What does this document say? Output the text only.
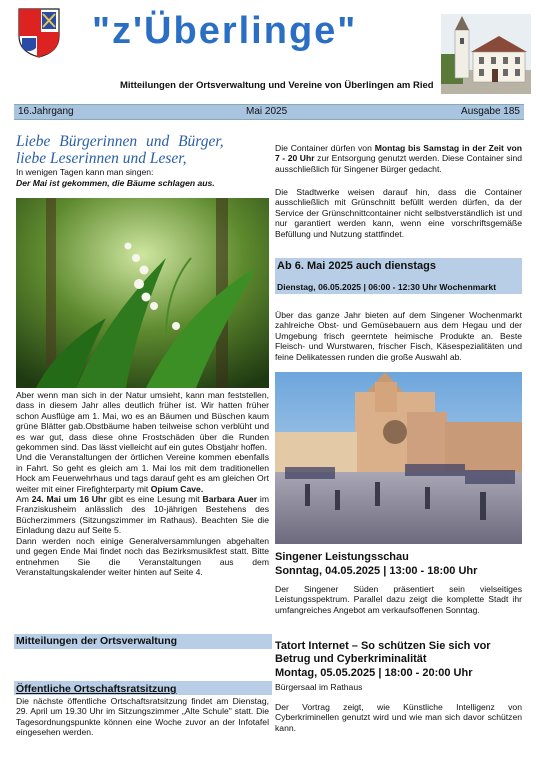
"z'Überlinge"
Mitteilungen der Ortsverwaltung und Vereine von Überlingen am Ried
16.Jahrgang	Mai 2025	Ausgabe 185
Liebe Bürgerinnen und Bürger,
liebe Leserinnen und Leser,
In wenigen Tagen kann man singen:
Der Mai ist gekommen, die Bäume schlagen aus.

Aber wenn man sich in der Natur umsieht, kann man feststellen, dass in diesem Jahr alles deutlich früher ist. Wir hatten früher schon Ausflüge am 1. Mai, wo es an Bäumen und Büschen kaum grüne Blätter gab.Obstbäume haben teilweise schon verblüht und es war gut, dass diese ohne Frostschäden über die Runden gekommen sind. Das lässt vielleicht auf ein gutes Obstjahr hoffen.

Und die Veranstaltungen der örtlichen Vereine kommen ebenfalls in Fahrt. So geht es gleich am 1. Mai los mit dem traditionellen Hock am Feuerwehrhaus und tags darauf geht es am gleichen Ort weiter mit einer Firefighterparty mit Opium Cave.

Am 24. Mai um 16 Uhr gibt es eine Lesung mit Barbara Auer im Franziskusheim anlässlich des 10-jährigen Bestehens des Bücherzimmers (Sitzungszimmer im Rathaus). Beachten Sie die Einladung dazu auf Seite 5.

Dann werden noch einige Generalversammlungen abgehalten und gegen Ende Mai findet noch das Bezirksmusikfest statt. Bitte entnehmen Sie die Veranstaltungen aus dem Veranstaltungskalender weiter hinten auf Seite 4.

Mitteilungen der Ortsverwaltung
Öffentliche Ortschaftsratsitzung
Die nächste öffentliche Ortschaftsratsitzung findet am Dienstag, 29. April um 19.30 Uhr im Sitzungszimmer „Alte Schule" statt. Die Tagesordnungspunkte können eine Woche zuvor an der Infotafel eingesehen werden.
Die Container dürfen von Montag bis Samstag in der Zeit von 7 - 20 Uhr zur Entsorgung genutzt werden. Diese Container sind ausschließlich für Singener Bürger gedacht.
Die Stadtwerke weisen darauf hin, dass die Container ausschließlich mit Grünschnitt befüllt werden dürfen, da der Service der Grünschnittcontainer nicht selbstverständlich ist und nur garantiert werden kann, wenn eine vorschriftsgemäße Befüllung und Nutzung stattfindet.
Ab 6. Mai 2025 auch dienstags
Dienstag, 06.05.2025 | 06:00 - 12:30 Uhr Wochenmarkt
Über das ganze Jahr bieten auf dem Singener Wochenmarkt zahlreiche Obst- und Gemüsebauern aus dem Hegau und der Umgebung frisch geerntete heimische Produkte an. Beste Fleisch- und Wurstwaren, frischer Fisch, Käsespezialitäten und feine Delikatessen runden die große Auswahl ab.
Singener Leistungsschau
Sonntag, 04.05.2025 | 13:00 - 18:00 Uhr
Der Singener Süden präsentiert sein vielseitiges Leistungsspektrum. Parallel dazu zeigt die komplette Stadt ihr umfangreiches Angebot am verkaufsoffenen Sonntag.
Tatort Internet – So schützen Sie sich vor Betrug und Cyberkriminalität
Montag, 05.05.2025 | 18:00 - 20:00 Uhr
Bürgersaal im Rathaus
Der Vortrag zeigt, wie Künstliche Intelligenz von Cyberkriminellen genutzt wird und wie man sich davor schützen kann.
